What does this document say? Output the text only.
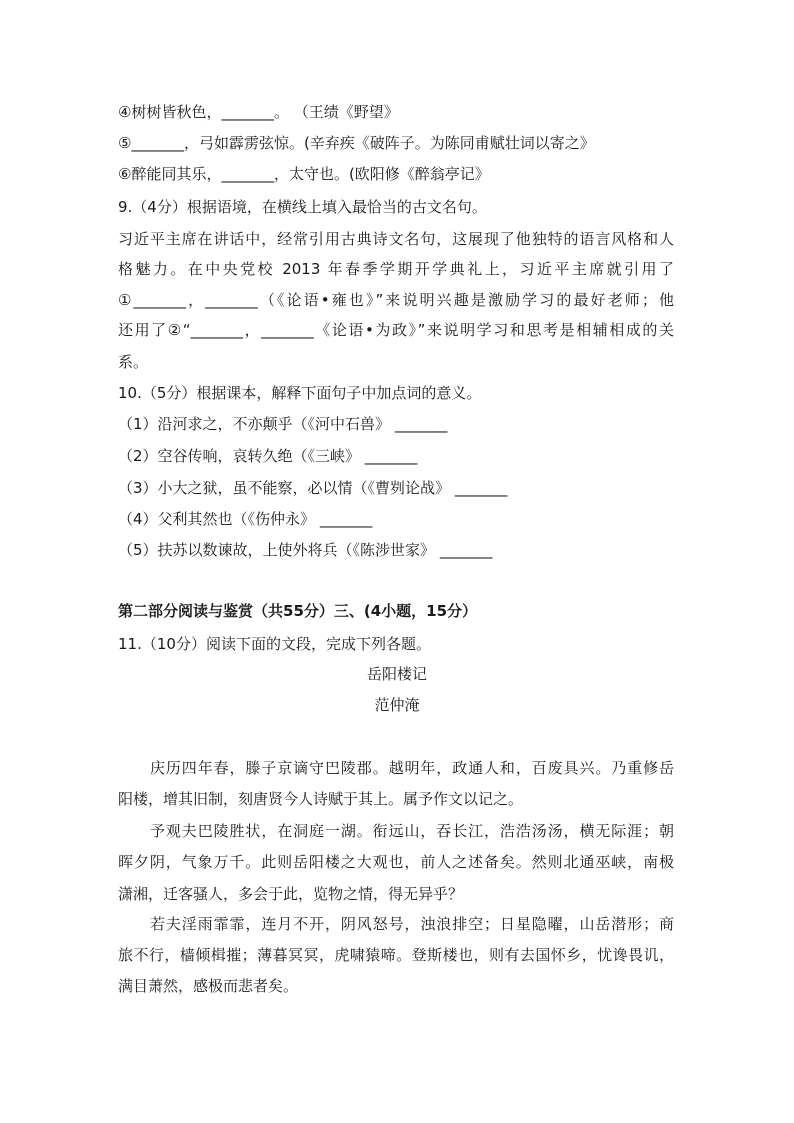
④树树皆秋色，_______。 （王绩《野望》
⑤_______，弓如霹雳弦惊。(辛弃疾《破阵子。为陈同甫赋壮词以寄之》
⑥醉能同其乐，_______，太守也。(欧阳修《醉翁亭记》
9.（4分）根据语境，在横线上填入最恰当的古文名句。
习近平主席在讲话中，经常引用古典诗文名句，这展现了他独特的语言风格和人
格魅力。在中央党校 2013 年春季学期开学典礼上，习近平主席就引用了
①_______，_______（《论语•雍也》”来说明兴趣是激励学习的最好老师；他
还用了②“_______，_______《论语•为政》”来说明学习和思考是相辅相成的关
系。
10.（5分）根据课本，解释下面句子中加点词的意义。
（1）沿河求之，不亦颠乎（《河中石兽》 _______
（2）空谷传响，哀转久绝（《三峡》 _______
（3）小大之狱，虽不能察，必以情（《曹刿论战》 _______
（4）父利其然也（《伤仲永》 _______
（5）扶苏以数谏故，上使外将兵（《陈涉世家》 _______
第二部分阅读与鉴赏（共55分）三、(4小题，15分）
11.（10分）阅读下面的文段，完成下列各题。
岳阳楼记
范仲淹
庆历四年春，滕子京谪守巴陵郡。越明年，政通人和，百废具兴。乃重修岳
阳楼，增其旧制，刻唐贤今人诗赋于其上。属予作文以记之。
予观夫巴陵胜状，在洞庭一湖。衔远山，吞长江，浩浩汤汤，横无际涯；朝
晖夕阴，气象万千。此则岳阳楼之大观也，前人之述备矣。然则北通巫峡，南极
潇湘，迁客骚人，多会于此，览物之情，得无异乎？
若夫淫雨霏霏，连月不开，阴风怒号，浊浪排空；日星隐曜，山岳潜形；商
旅不行，樯倾楫摧；薄暮冥冥，虎啸猿啼。登斯楼也，则有去国怀乡，忧谗畏讥，
满目萧然，感极而悲者矣。
